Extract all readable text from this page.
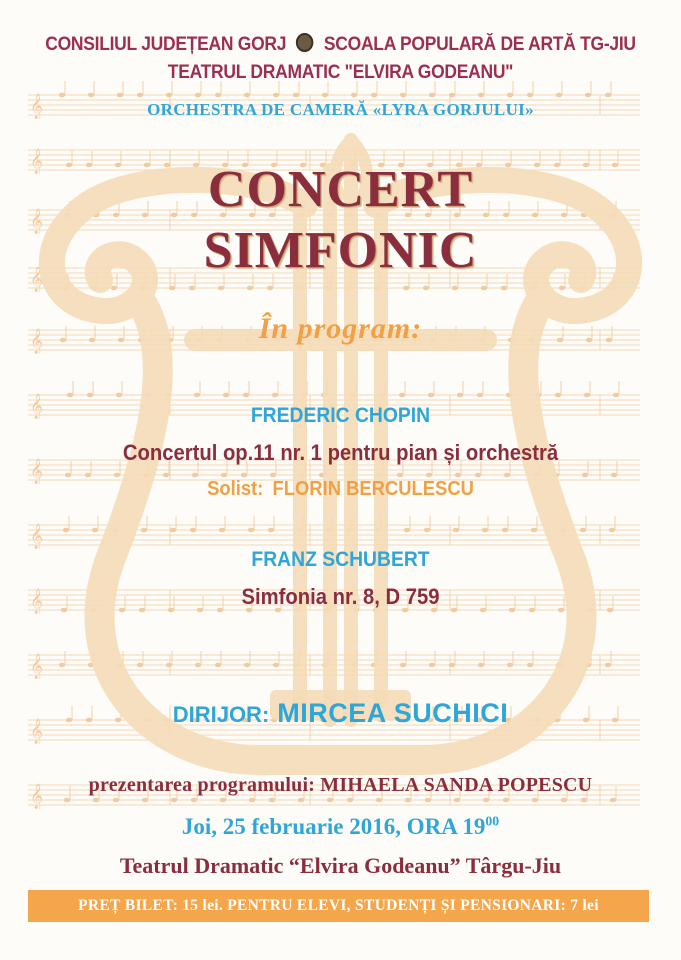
𝄞
𝄞
𝄞
𝄞
𝄞
𝄞
𝄞
𝄞
𝄞
𝄞
𝄞
𝄞
CONSILIUL JUDEȚEAN GORJ SCOALA POPULARĂ DE ARTĂ TG-JIU
TEATRUL DRAMATIC "ELVIRA GODEANU"
ORCHESTRA DE CAMERĂ «LYRA GORJULUI»
CONCERT
SIMFONIC
În program:
FREDERIC CHOPIN
Concertul op.11 nr. 1 pentru pian și orchestră
Solist: FLORIN BERCULESCU
FRANZ SCHUBERT
Simfonia nr. 8, D 759
DIRIJOR: MIRCEA SUCHICI
prezentarea programului: MIHAELA SANDA POPESCU
Joi, 25 februarie 2016, ORA $19^{00}$
Teatrul Dramatic “Elvira Godeanu” Târgu-Jiu
PREȚ BILET: 15 lei. PENTRU ELEVI, STUDENȚI ȘI PENSIONARI: 7 lei
